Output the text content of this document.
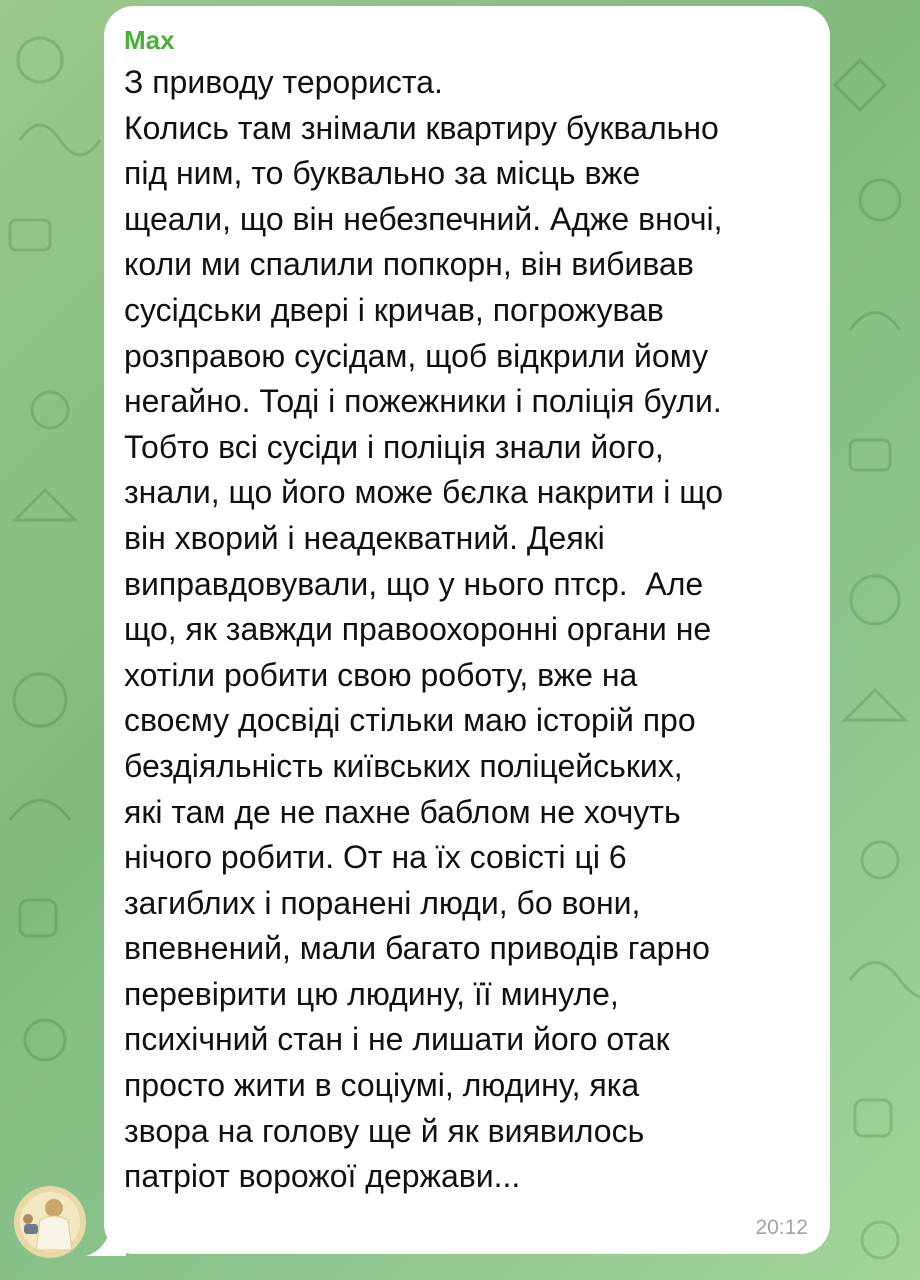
Max
З приводу терориста.
Колись там знімали квартиру буквально
під ним, то буквально за місць вже
щеали, що він небезпечний. Адже вночі,
коли ми спалили попкорн, він вибивав
сусідськи двері і кричав, погрожував
розправою сусідам, щоб відкрили йому
негайно. Тоді і пожежники і поліція були.
Тобто всі сусіди і поліція знали його,
знали, що його може бєлка накрити і що
він хворий і неадекватний. Деякі
виправдовували, що у нього птср.  Але
що, як завжди правоохоронні органи не
хотіли робити свою роботу, вже на
своєму досвіді стільки маю історій про
бездіяльність київських поліцейських,
які там де не пахне баблом не хочуть
нічого робити. От на їх совісті ці 6
загиблих і поранені люди, бо вони,
впевнений, мали багато приводів гарно
перевірити цю людину, її минуле,
психічний стан і не лишати його отак
просто жити в соціумі, людину, яка
звора на голову ще й як виявилось
патріот ворожої держави...
20:12
